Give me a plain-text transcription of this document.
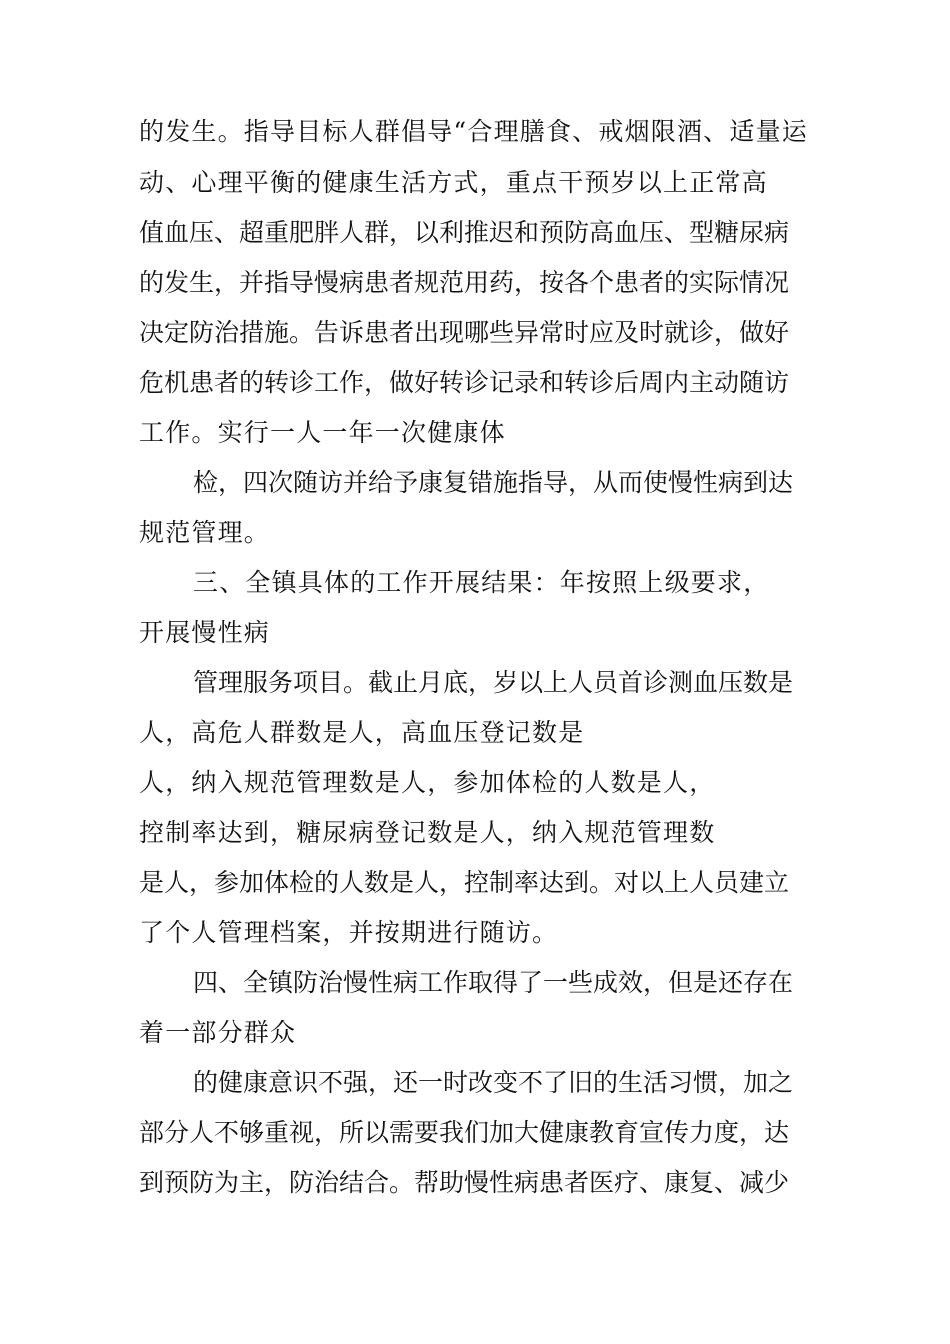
的发生。指导目标人群倡导“合理膳食、戒烟限酒、适量运
动、心理平衡的健康生活方式，重点干预岁以上正常高
值血压、超重肥胖人群，以利推迟和预防高血压、型糖尿病
的发生，并指导慢病患者规范用药，按各个患者的实际情况
决定防治措施。告诉患者出现哪些异常时应及时就诊，做好
危机患者的转诊工作，做好转诊记录和转诊后周内主动随访
工作。实行一人一年一次健康体
检，四次随访并给予康复错施指导，从而使慢性病到达
规范管理。
三、全镇具体的工作开展结果：年按照上级要求，
开展慢性病
管理服务项目。截止月底，岁以上人员首诊测血压数是
人，高危人群数是人，高血压登记数是
人，纳入规范管理数是人，参加体检的人数是人，
控制率达到，糖尿病登记数是人，纳入规范管理数
是人，参加体检的人数是人，控制率达到。对以上人员建立
了个人管理档案，并按期进行随访。
四、全镇防治慢性病工作取得了一些成效，但是还存在
着一部分群众
的健康意识不强，还一时改变不了旧的生活习惯，加之
部分人不够重视，所以需要我们加大健康教育宣传力度，达
到预防为主，防治结合。帮助慢性病患者医疗、康复、减少
